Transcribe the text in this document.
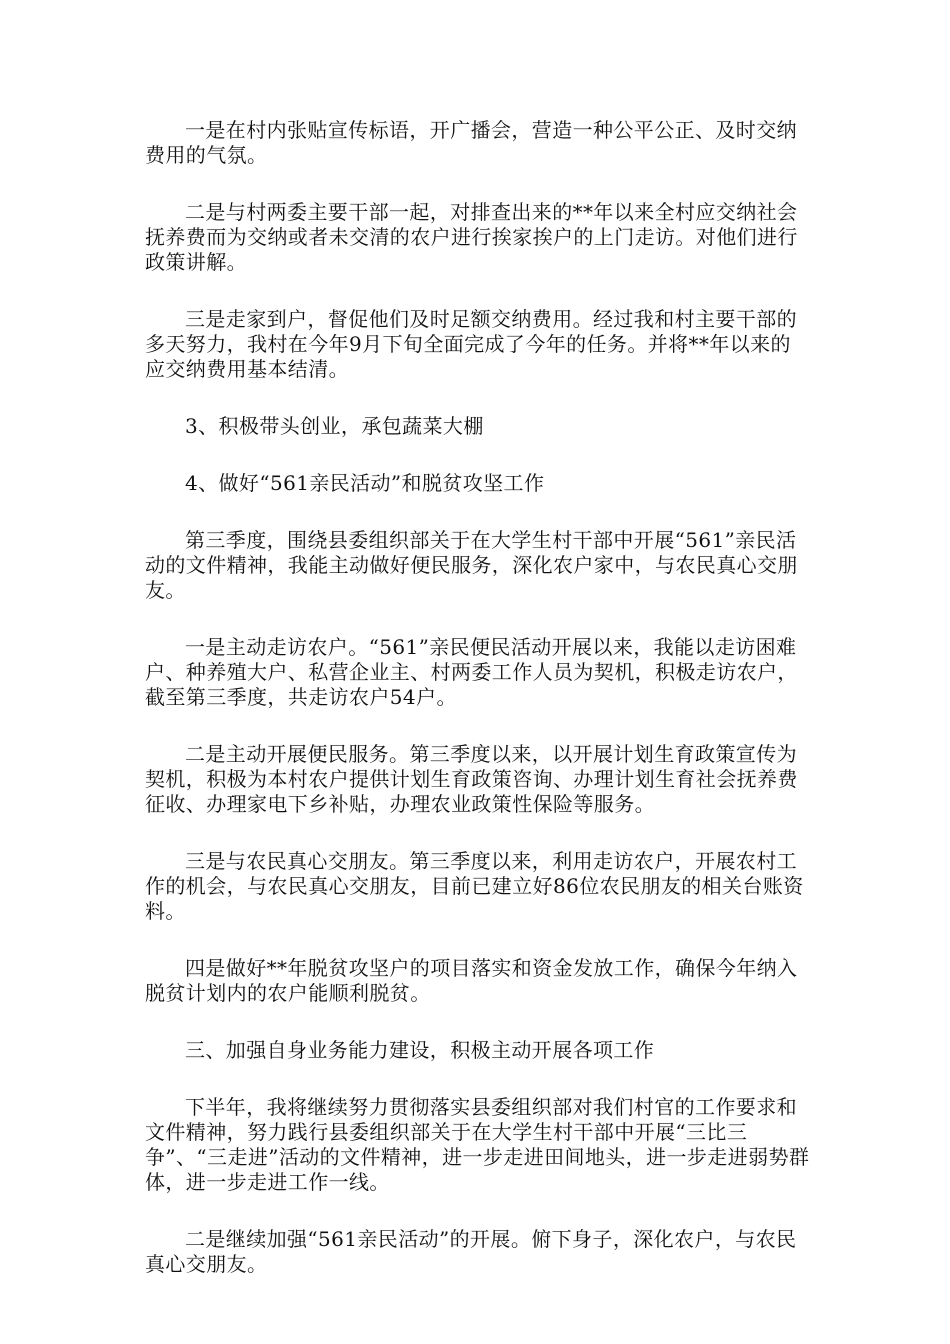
一是在村内张贴宣传标语，开广播会，营造一种公平公正、及时交纳费用的气氛。

二是与村两委主要干部一起，对排查出来的**年以来全村应交纳社会抚养费而为交纳或者未交清的农户进行挨家挨户的上门走访。对他们进行政策讲解。

三是走家到户，督促他们及时足额交纳费用。经过我和村主要干部的多天努力，我村在今年9月下旬全面完成了今年的任务。并将**年以来的应交纳费用基本结清。

3、积极带头创业，承包蔬菜大棚

4、做好“561亲民活动”和脱贫攻坚工作

第三季度，围绕县委组织部关于在大学生村干部中开展“561”亲民活动的文件精神，我能主动做好便民服务，深化农户家中，与农民真心交朋友。

一是主动走访农户。“561”亲民便民活动开展以来，我能以走访困难户、种养殖大户、私营企业主、村两委工作人员为契机，积极走访农户，截至第三季度，共走访农户54户。

二是主动开展便民服务。第三季度以来，以开展计划生育政策宣传为契机，积极为本村农户提供计划生育政策咨询、办理计划生育社会抚养费征收、办理家电下乡补贴，办理农业政策性保险等服务。

三是与农民真心交朋友。第三季度以来，利用走访农户，开展农村工作的机会，与农民真心交朋友，目前已建立好86位农民朋友的相关台账资料。

四是做好**年脱贫攻坚户的项目落实和资金发放工作，确保今年纳入脱贫计划内的农户能顺利脱贫。

三、加强自身业务能力建设，积极主动开展各项工作

下半年，我将继续努力贯彻落实县委组织部对我们村官的工作要求和文件精神，努力践行县委组织部关于在大学生村干部中开展“三比三争”、“三走进”活动的文件精神，进一步走进田间地头，进一步走进弱势群体，进一步走进工作一线。

二是继续加强“561亲民活动”的开展。俯下身子，深化农户，与农民真心交朋友。
